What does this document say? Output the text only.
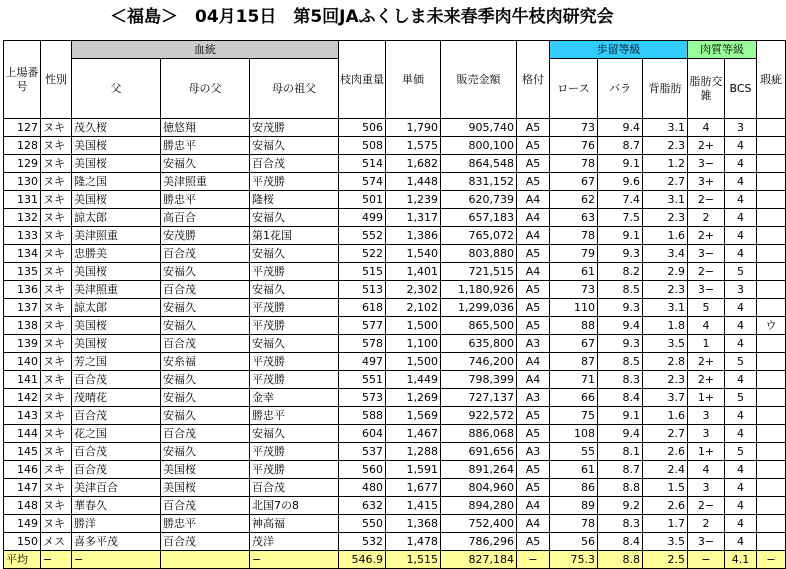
＜福島＞　04月15日　第5回JAふくしま未来春季肉牛枝肉研究会
上場番号	性別	血統			枝肉重量	単価	販売金額	格付	歩留等級			肉質等級		瑕疵
		父	母の父	母の祖父					ロース	バラ	背脂肪	脂肪交雑	BCS	
127	ヌキ	茂久桜	徳悠翔	安茂勝	506	1,790	905,740	A5	73	9.4	3.1	4	3	
128	ヌキ	美国桜	勝忠平	安福久	508	1,575	800,100	A5	76	8.7	2.3	2+	4	
129	ヌキ	美国桜	安福久	百合茂	514	1,682	864,548	A5	78	9.1	1.2	3−	4	
130	ヌキ	隆之国	美津照重	平茂勝	574	1,448	831,152	A5	67	9.6	2.7	3+	4	
131	ヌキ	美国桜	勝忠平	隆桜	501	1,239	620,739	A4	62	7.4	3.1	2−	4	
132	ヌキ	諒太郎	高百合	安福久	499	1,317	657,183	A4	63	7.5	2.3	2	4	
133	ヌキ	美津照重	安茂勝	第1花国	552	1,386	765,072	A4	78	9.1	1.6	2+	4	
134	ヌキ	忠勝美	百合茂	安福久	522	1,540	803,880	A5	79	9.3	3.4	3−	4	
135	ヌキ	美国桜	安福久	平茂勝	515	1,401	721,515	A4	61	8.2	2.9	2−	5	
136	ヌキ	美津照重	百合茂	安福久	513	2,302	1,180,926	A5	73	8.5	2.3	3−	3	
137	ヌキ	諒太郎	安福久	平茂勝	618	2,102	1,299,036	A5	110	9.3	3.1	5	4	
138	ヌキ	美国桜	安福久	平茂勝	577	1,500	865,500	A5	88	9.4	1.8	4	4	ウ
139	ヌキ	美国桜	百合茂	安福久	578	1,100	635,800	A3	67	9.3	3.5	1	4	
140	ヌキ	芳之国	安糸福	平茂勝	497	1,500	746,200	A4	87	8.5	2.8	2+	5	
141	ヌキ	百合茂	安福久	平茂勝	551	1,449	798,399	A4	71	8.3	2.3	2+	4	
142	ヌキ	茂晴花	安福久	金幸	573	1,269	727,137	A3	66	8.4	3.7	1+	5	
143	ヌキ	百合茂	安福久	勝忠平	588	1,569	922,572	A5	75	9.1	1.6	3	4	
144	ヌキ	花之国	百合茂	安福久	604	1,467	886,068	A5	108	9.4	2.7	3	4	
145	ヌキ	百合茂	安福久	平茂勝	537	1,288	691,656	A3	55	8.1	2.6	1+	5	
146	ヌキ	百合茂	美国桜	平茂勝	560	1,591	891,264	A5	61	8.7	2.4	4	4	
147	ヌキ	美津百合	美国桜	百合茂	480	1,677	804,960	A5	86	8.8	1.5	3	4	
148	ヌキ	華春久	百合茂	北国7の8	632	1,415	894,280	A4	89	9.2	2.6	2−	4	
149	ヌキ	勝洋	勝忠平	神高福	550	1,368	752,400	A4	78	8.3	1.7	2	4	
150	メス	喜多平茂	百合茂	茂洋	532	1,478	786,296	A5	56	8.4	3.5	3−	4	
平均	−	−		−	546.9	1,515	827,184	−	75.3	8.8	2.5	−	4.1	−
